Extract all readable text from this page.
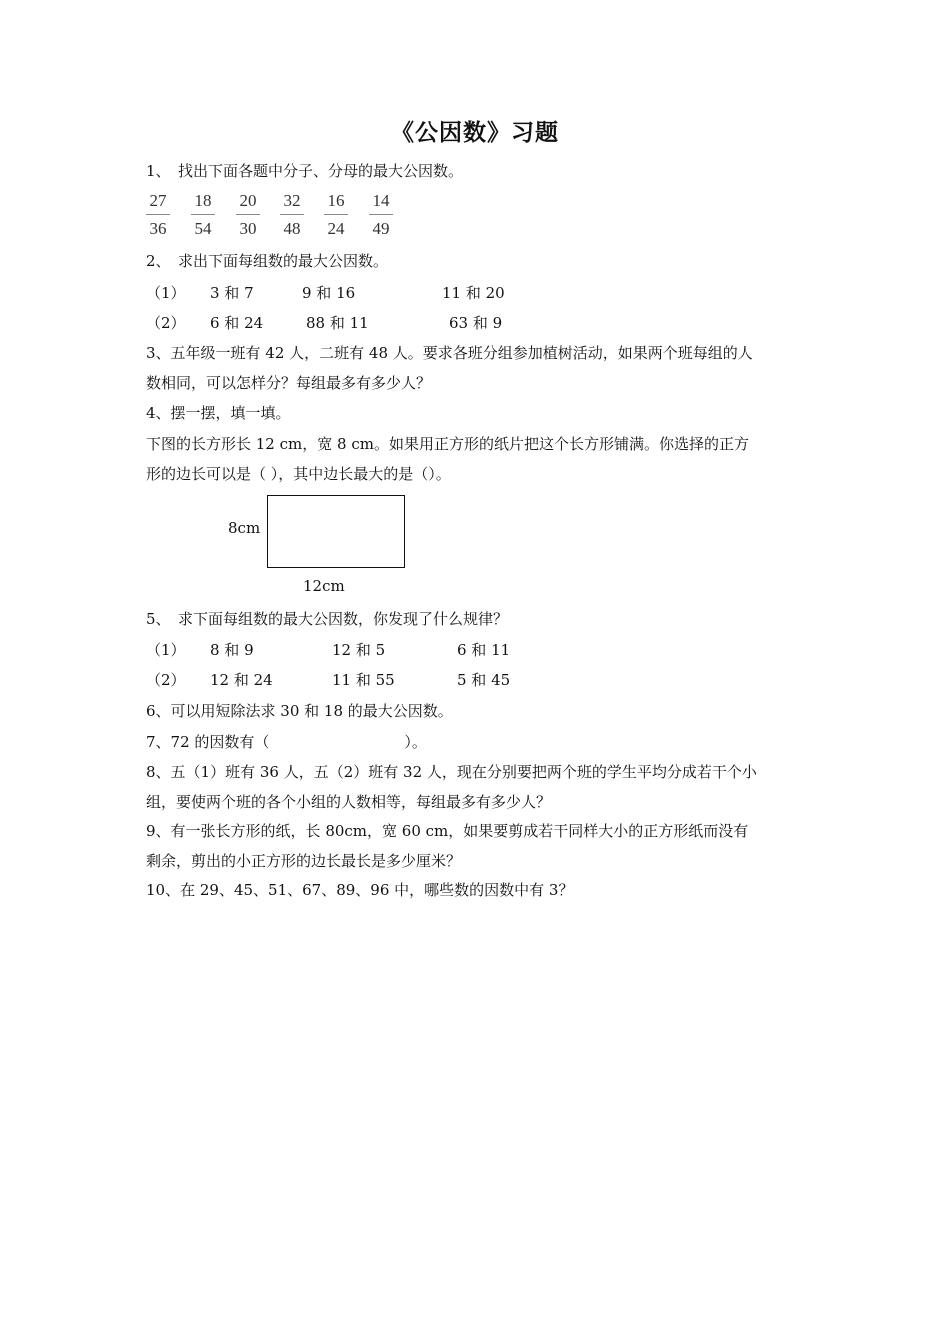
《公因数》习题
1、　找出下面各题中分子、分母的最大公因数。
27
36
18
54
20
30
32
48
16
24
14
49
2、　求出下面每组数的最大公因数。
（1） 3 和 7	9 和 16	11 和 20
（2） 6 和 24	88 和 11	63 和 9
3、五年级一班有 42 人，二班有 48 人。要求各班分组参加植树活动，如果两个班每组的人
数相同，可以怎样分？每组最多有多少人？
4、摆一摆，填一填。
下图的长方形长 12 cm，宽 8 cm。如果用正方形的纸片把这个长方形铺满。你选择的正方
形的边长可以是（ ），其中边长最大的是（）。
8cm
12cm
5、　求下面每组数的最大公因数，你发现了什么规律？
（1） 8 和 9	12 和 5	6 和 11
（2） 12 和 24	11 和 55	5 和 45
6、可以用短除法求 30 和 18 的最大公因数。
7、72 的因数有（　　　　　　　　　）。
8、五（1）班有 36 人，五（2）班有 32 人，现在分别要把两个班的学生平均分成若干个小
组，要使两个班的各个小组的人数相等，每组最多有多少人？
9、有一张长方形的纸，长 80cm，宽 60 cm，如果要剪成若干同样大小的正方形纸而没有
剩余，剪出的小正方形的边长最长是多少厘米？
10、在 29、45、51、67、89、96 中，哪些数的因数中有 3？
